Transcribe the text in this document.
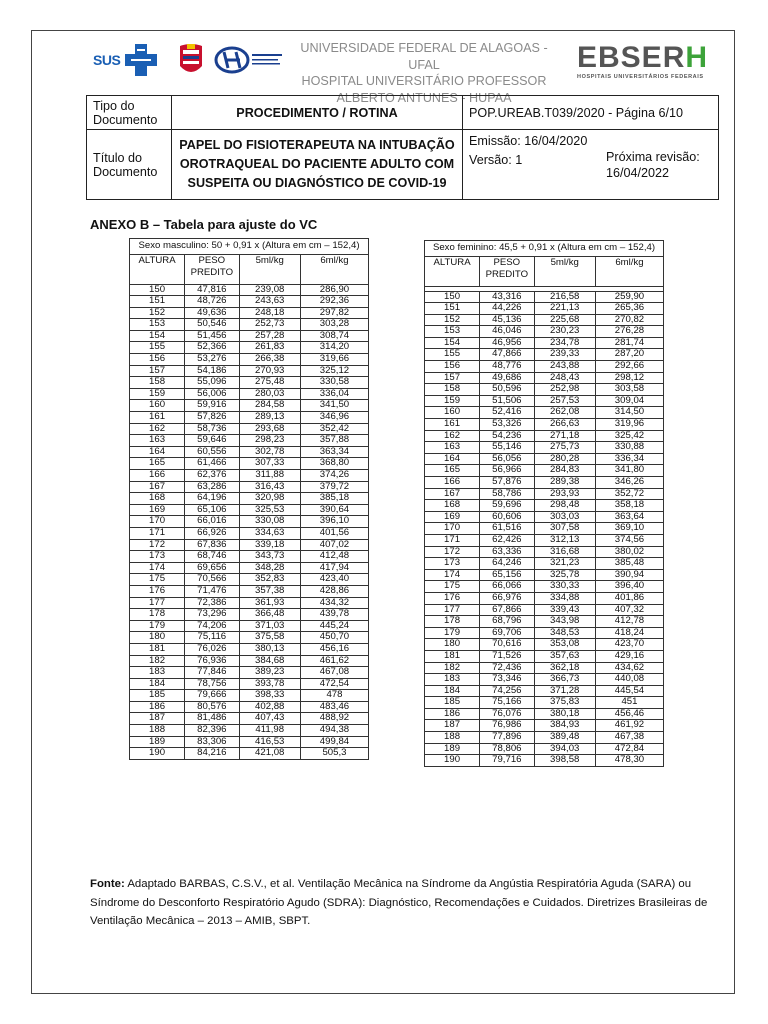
SUS
UNIVERSIDADE FEDERAL DE ALAGOAS - UFAL
HOSPITAL UNIVERSITÁRIO PROFESSOR
ALBERTO ANTUNES - HUPAA
EBSERH
HOSPITAIS UNIVERSITÁRIOS FEDERAIS
Tipo do Documento	PROCEDIMENTO / ROTINA	POP.UREAB.T039/2020 - Página 6/10	
Título do Documento	PAPEL DO FISIOTERAPEUTA NA INTUBAÇÃO OROTRAQUEAL DO PACIENTE ADULTO COM SUSPEITA OU DIAGNÓSTICO DE COVID-19	Emissão: 16/04/2020
Versão: 1	Próxima revisão: 16/04/2022
ANEXO B – Tabela para ajuste do VC
Sexo masculino: 50 + 0,91 x (Altura em cm – 152,4)			
ALTURA	PESO PREDITO	5ml/kg	6ml/kg
150	47,816	239,08	286,90
151	48,726	243,63	292,36
152	49,636	248,18	297,82
153	50,546	252,73	303,28
154	51,456	257,28	308,74
155	52,366	261,83	314,20
156	53,276	266,38	319,66
157	54,186	270,93	325,12
158	55,096	275,48	330,58
159	56,006	280,03	336,04
160	59,916	284,58	341,50
161	57,826	289,13	346,96
162	58,736	293,68	352,42
163	59,646	298,23	357,88
164	60,556	302,78	363,34
165	61,466	307,33	368,80
166	62,376	311,88	374,26
167	63,286	316,43	379,72
168	64,196	320,98	385,18
169	65,106	325,53	390,64
170	66,016	330,08	396,10
171	66,926	334,63	401,56
172	67,836	339,18	407,02
173	68,746	343,73	412,48
174	69,656	348,28	417,94
175	70,566	352,83	423,40
176	71,476	357,38	428,86
177	72,386	361,93	434,32
178	73,296	366,48	439,78
179	74,206	371,03	445,24
180	75,116	375,58	450,70
181	76,026	380,13	456,16
182	76,936	384,68	461,62
183	77,846	389,23	467,08
184	78,756	393,78	472,54
185	79,666	398,33	478
186	80,576	402,88	483,46
187	81,486	407,43	488,92
188	82,396	411,98	494,38
189	83,306	416,53	499,84
190	84,216	421,08	505,3
Sexo feminino: 45,5 + 0,91 x (Altura em cm – 152,4)			
ALTURA	PESO PREDITO	5ml/kg	6ml/kg

150	43,316	216,58	259,90
151	44,226	221,13	265,36
152	45,136	225,68	270,82
153	46,046	230,23	276,28
154	46,956	234,78	281,74
155	47,866	239,33	287,20
156	48,776	243,88	292,66
157	49,686	248,43	298,12
158	50,596	252,98	303,58
159	51,506	257,53	309,04
160	52,416	262,08	314,50
161	53,326	266,63	319,96
162	54,236	271,18	325,42
163	55,146	275,73	330,88
164	56,056	280,28	336,34
165	56,966	284,83	341,80
166	57,876	289,38	346,26
167	58,786	293,93	352,72
168	59,696	298,48	358,18
169	60,606	303,03	363,64
170	61,516	307,58	369,10
171	62,426	312,13	374,56
172	63,336	316,68	380,02
173	64,246	321,23	385,48
174	65,156	325,78	390,94
175	66,066	330,33	396,40
176	66,976	334,88	401,86
177	67,866	339,43	407,32
178	68,796	343,98	412,78
179	69,706	348,53	418,24
180	70,616	353,08	423,70
181	71,526	357,63	429,16
182	72,436	362,18	434,62
183	73,346	366,73	440,08
184	74,256	371,28	445,54
185	75,166	375,83	451
186	76,076	380,18	456,46
187	76,986	384,93	461,92
188	77,896	389,48	467,38
189	78,806	394,03	472,84
190	79,716	398,58	478,30
Fonte: Adaptado BARBAS, C.S.V., et al. Ventilação Mecânica na Síndrome da Angústia Respiratória Aguda (SARA) ou Síndrome do Desconforto Respiratório Agudo (SDRA): Diagnóstico, Recomendações e Cuidados. Diretrizes Brasileiras de Ventilação Mecânica – 2013 – AMIB, SBPT.
